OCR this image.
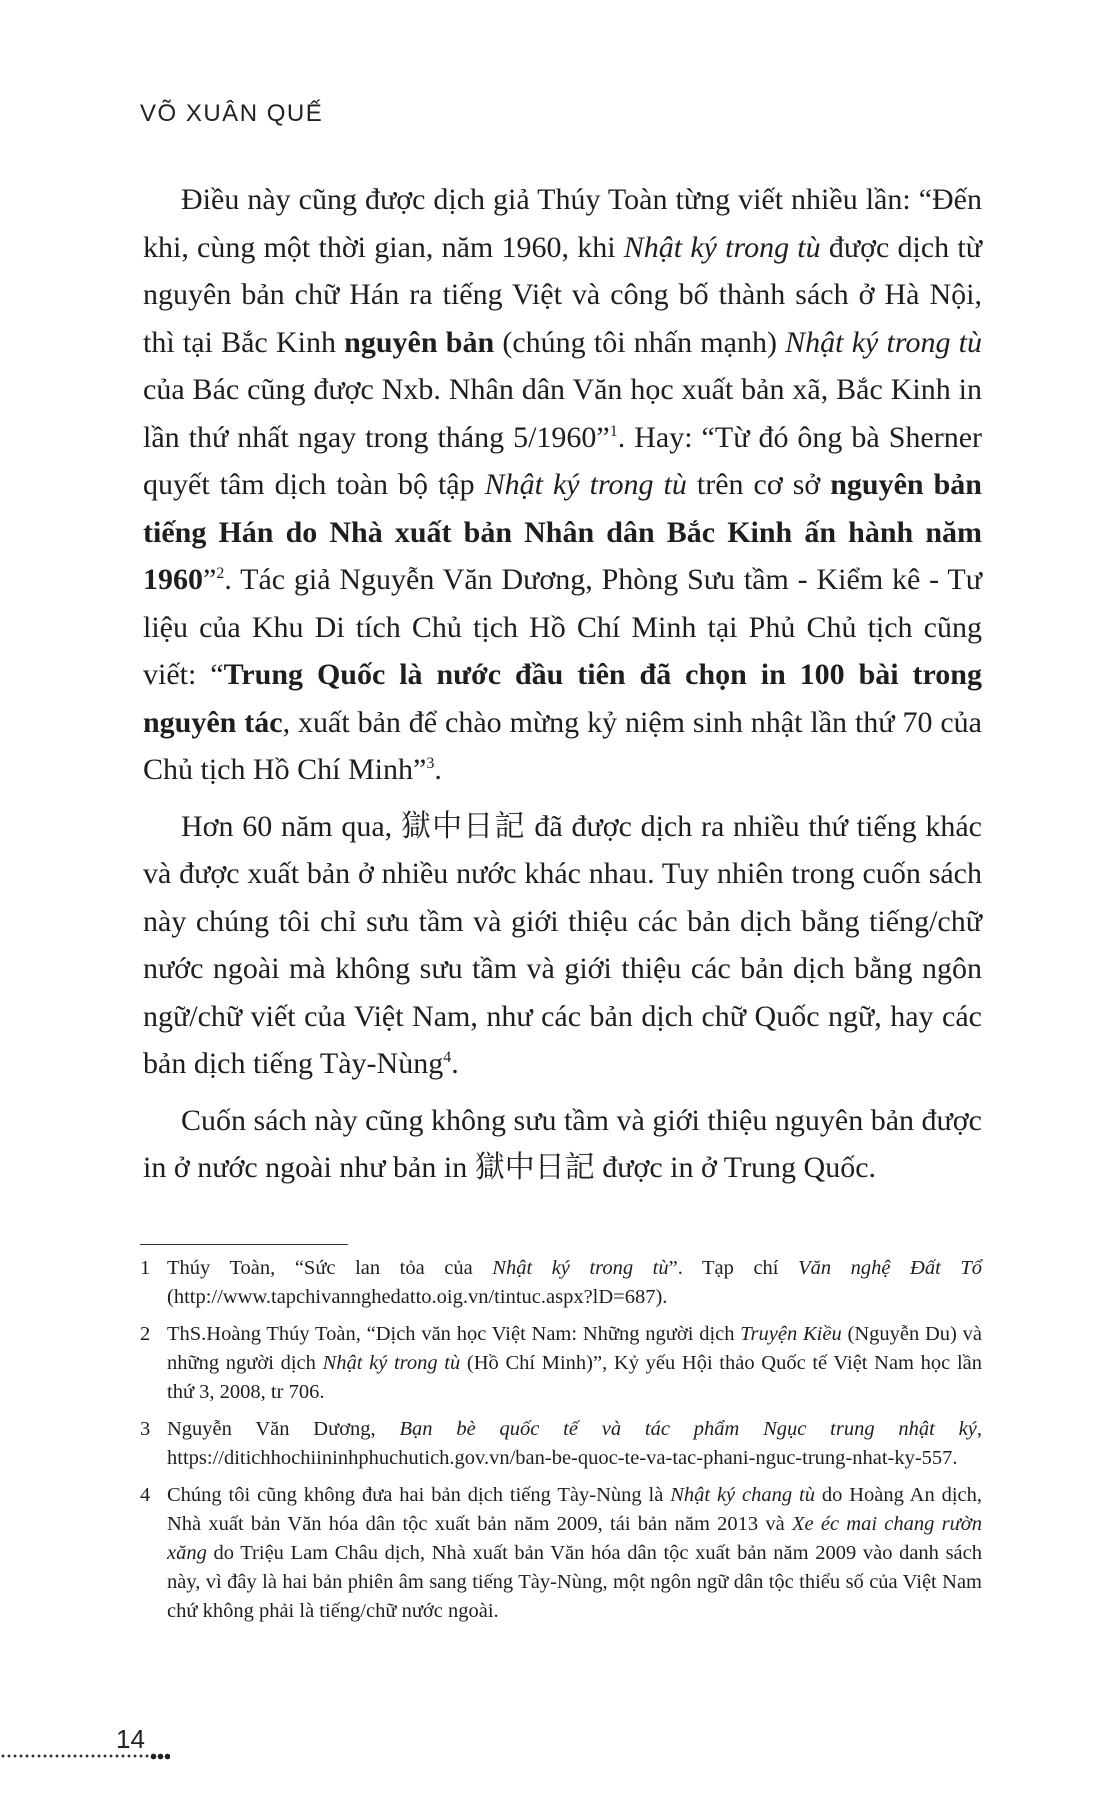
VÕ XUÂN QUẾ

Điều này cũng được dịch giả Thúy Toàn từng viết nhiều lần: “Đến khi, cùng một thời gian, năm 1960, khi Nhật ký trong tù được dịch từ nguyên bản chữ Hán ra tiếng Việt và công bố thành sách ở Hà Nội, thì tại Bắc Kinh nguyên bản (chúng tôi nhấn mạnh) Nhật ký trong tù của Bác cũng được Nxb. Nhân dân Văn học xuất bản xã, Bắc Kinh in lần thứ nhất ngay trong tháng 5/1960”$^1$. Hay: “Từ đó ông bà Sherner quyết tâm dịch toàn bộ tập Nhật ký trong tù trên cơ sở nguyên bản tiếng Hán do Nhà xuất bản Nhân dân Bắc Kinh ấn hành năm 1960”$^2$. Tác giả Nguyễn Văn Dương, Phòng Sưu tầm - Kiểm kê - Tư liệu của Khu Di tích Chủ tịch Hồ Chí Minh tại Phủ Chủ tịch cũng viết: “Trung Quốc là nước đầu tiên đã chọn in 100 bài trong nguyên tác, xuất bản để chào mừng kỷ niệm sinh nhật lần thứ 70 của Chủ tịch Hồ Chí Minh”$^3$.

Hơn 60 năm qua, 獄中日記 đã được dịch ra nhiều thứ tiếng khác và được xuất bản ở nhiều nước khác nhau. Tuy nhiên trong cuốn sách này chúng tôi chỉ sưu tầm và giới thiệu các bản dịch bằng tiếng/chữ nước ngoài mà không sưu tầm và giới thiệu các bản dịch bằng ngôn ngữ/chữ viết của Việt Nam, như các bản dịch chữ Quốc ngữ, hay các bản dịch tiếng Tày-Nùng$^4$.

Cuốn sách này cũng không sưu tầm và giới thiệu nguyên bản được in ở nước ngoài như bản in 獄中日記 được in ở Trung Quốc.

1 Thúy Toàn, “Sức lan tỏa của Nhật ký trong tù”. Tạp chí Văn nghệ Đất Tổ (http://www.tapchivannghedatto.oig.vn/tintuc.aspx?lD=687).
2 ThS.Hoàng Thúy Toàn, “Dịch văn học Việt Nam: Những người dịch Truyện Kiều (Nguyễn Du) và những người dịch Nhật ký trong tù (Hồ Chí Minh)”, Kỷ yếu Hội thảo Quốc tế Việt Nam học lần thứ 3, 2008, tr 706.
3 Nguyễn Văn Dương, Bạn bè quốc tế và tác phẩm Ngục trung nhật ký, https://ditichhochiininhphuchutich.gov.vn/ban-be-quoc-te-va-tac-phani-nguc-trung-nhat-ky-557.
4 Chúng tôi cũng không đưa hai bản dịch tiếng Tày-Nùng là Nhật ký chang tù do Hoàng An dịch, Nhà xuất bản Văn hóa dân tộc xuất bản năm 2009, tái bản năm 2013 và Xe éc mai chang rườn xăng do Triệu Lam Châu dịch, Nhà xuất bản Văn hóa dân tộc xuất bản năm 2009 vào danh sách này, vì đây là hai bản phiên âm sang tiếng Tày-Nùng, một ngôn ngữ dân tộc thiểu số của Việt Nam chứ không phải là tiếng/chữ nước ngoài.
14
